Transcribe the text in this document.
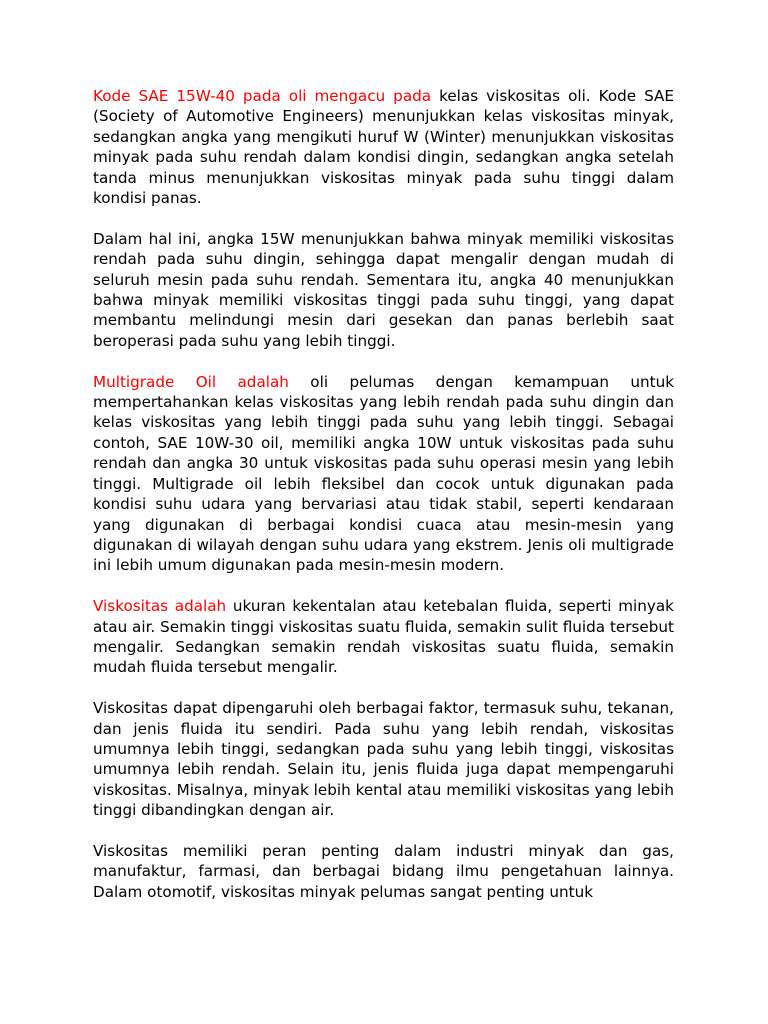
Kode SAE 15W-40 pada oli mengacu pada kelas viskositas oli. Kode SAE (Society of Automotive Engineers) menunjukkan kelas viskositas minyak, sedangkan angka yang mengikuti huruf W (Winter) menunjukkan viskositas minyak pada suhu rendah dalam kondisi dingin, sedangkan angka setelah tanda minus menunjukkan viskositas minyak pada suhu tinggi dalam kondisi panas.

Dalam hal ini, angka 15W menunjukkan bahwa minyak memiliki viskositas rendah pada suhu dingin, sehingga dapat mengalir dengan mudah di seluruh mesin pada suhu rendah. Sementara itu, angka 40 menunjukkan bahwa minyak memiliki viskositas tinggi pada suhu tinggi, yang dapat membantu melindungi mesin dari gesekan dan panas berlebih saat beroperasi pada suhu yang lebih tinggi.

Multigrade Oil adalah oli pelumas dengan kemampuan untuk mempertahankan kelas viskositas yang lebih rendah pada suhu dingin dan kelas viskositas yang lebih tinggi pada suhu yang lebih tinggi. Sebagai contoh, SAE 10W-30 oil, memiliki angka 10W untuk viskositas pada suhu rendah dan angka 30 untuk viskositas pada suhu operasi mesin yang lebih tinggi. Multigrade oil lebih fleksibel dan cocok untuk digunakan pada kondisi suhu udara yang bervariasi atau tidak stabil, seperti kendaraan yang digunakan di berbagai kondisi cuaca atau mesin-mesin yang digunakan di wilayah dengan suhu udara yang ekstrem. Jenis oli multigrade ini lebih umum digunakan pada mesin-mesin modern.

Viskositas adalah ukuran kekentalan atau ketebalan fluida, seperti minyak atau air. Semakin tinggi viskositas suatu fluida, semakin sulit fluida tersebut mengalir. Sedangkan semakin rendah viskositas suatu fluida, semakin mudah fluida tersebut mengalir.

Viskositas dapat dipengaruhi oleh berbagai faktor, termasuk suhu, tekanan, dan jenis fluida itu sendiri. Pada suhu yang lebih rendah, viskositas umumnya lebih tinggi, sedangkan pada suhu yang lebih tinggi, viskositas umumnya lebih rendah. Selain itu, jenis fluida juga dapat mempengaruhi viskositas. Misalnya, minyak lebih kental atau memiliki viskositas yang lebih tinggi dibandingkan dengan air.

Viskositas memiliki peran penting dalam industri minyak dan gas, manufaktur, farmasi, dan berbagai bidang ilmu pengetahuan lainnya. Dalam otomotif, viskositas minyak pelumas sangat penting untuk
